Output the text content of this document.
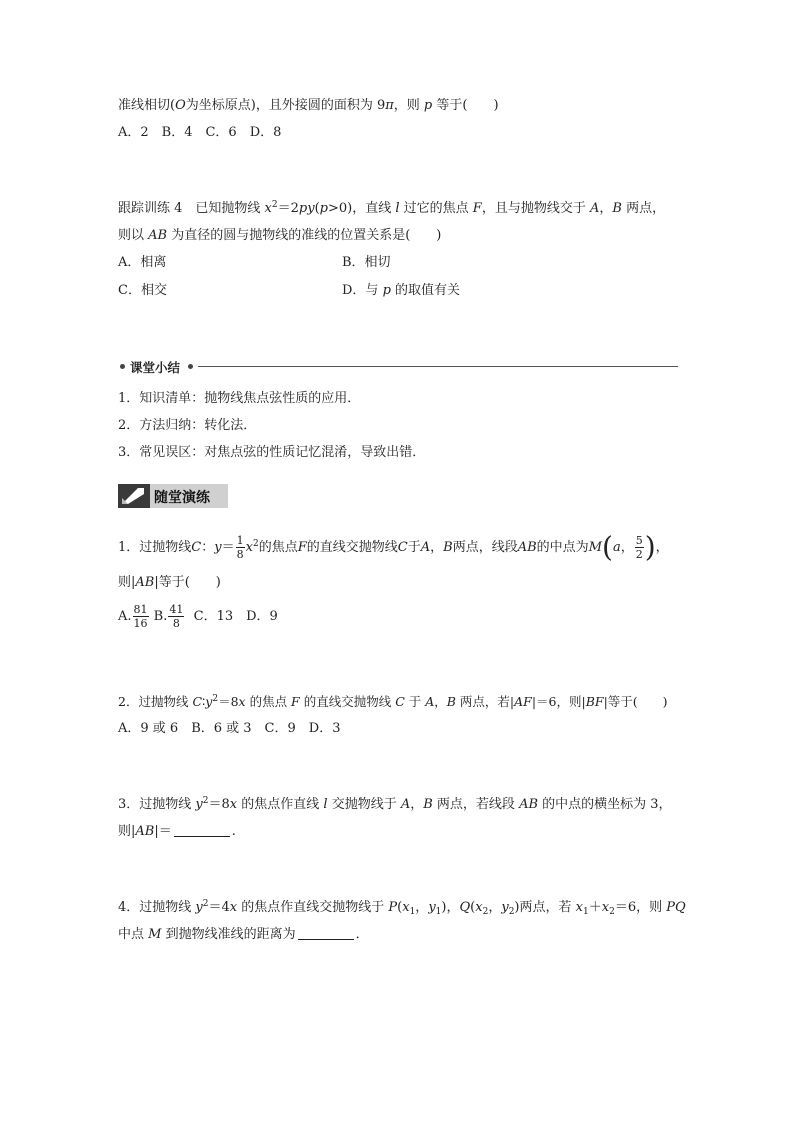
准线相切(O为坐标原点)，且外接圆的面积为 9π，则 p 等于(　　)
A．2　B．4　C．6　D．8
跟踪训练 4　已知抛物线 $x^2=2py(p>0)$，直线 l 过它的焦点 F，且与抛物线交于 A，B 两点，
则以 AB 为直径的圆与抛物线的准线的位置关系是(　　)
A．相离	B．相切
C．相交	D．与 p 的取值有关
课堂小结
1．知识清单：抛物线焦点弦性质的应用．
2．方法归纳：转化法．
3．常见误区：对焦点弦的性质记忆混淆，导致出错．
随堂演练
1．过抛物线C：$y= \frac{1}{8} x^2$的焦点F的直线交抛物线C于A，B两点，线段AB的中点为M(a， $\frac{5}{2}$ )，
则|AB|等于(　　)
A. $\frac{81}{16} B$. $\frac{41}{8}$ C．13　D．9
2．过抛物线 $C∶y^2=8x$ 的焦点 F 的直线交抛物线 C 于 A，B 两点，若|AF|＝6，则|BF|等于(　　)
A．9 或 6　B．6 或 3　C．9　D．3
3．过抛物线 $y^2=8x$ 的焦点作直线 l 交抛物线于 A，B 两点，若线段 AB 的中点的横坐标为 3，
则|AB|＝	.
4．过抛物线 $y^2=4x$ 的焦点作直线交抛物线于 $P(x_1$，$y_1$)，$Q(x_2$，$y_2$)两点，若 $x_1+x_2=6$，则 PQ
中点 M 到抛物线准线的距离为	．
